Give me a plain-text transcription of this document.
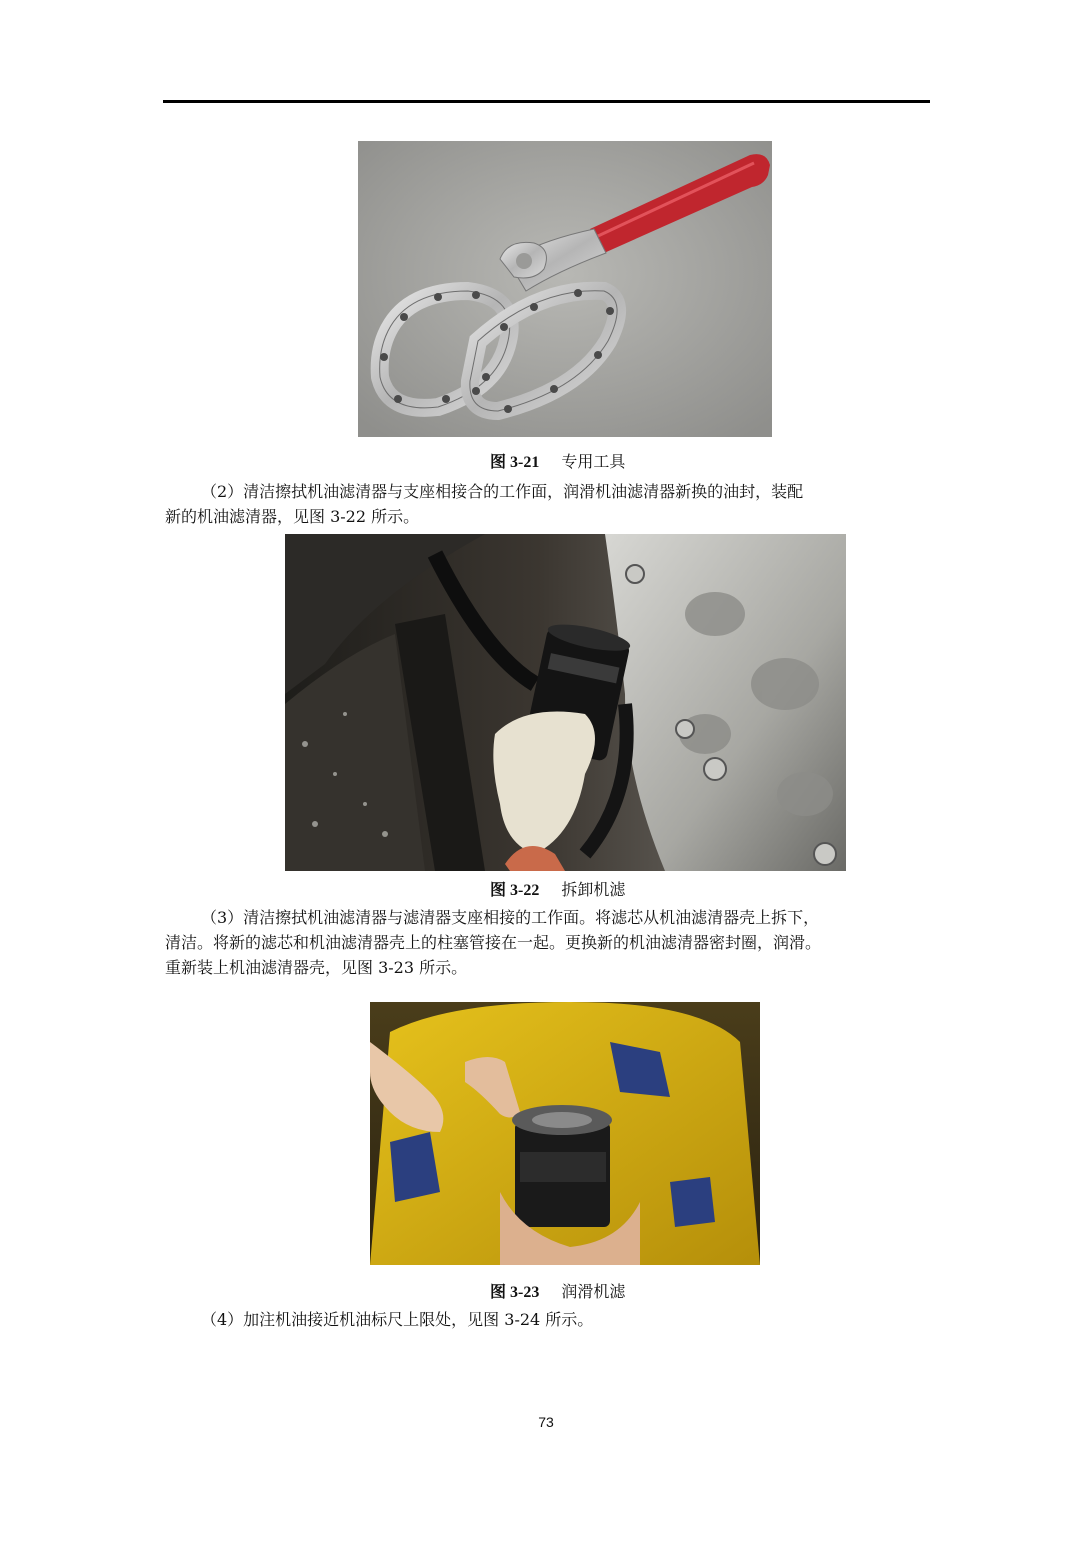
图 3-21 专用工具

（2）清洁擦拭机油滤清器与支座相接合的工作面，润滑机油滤清器新换的油封，装配

新的机油滤清器，见图 3-22 所示。

图 3-22 拆卸机滤

（3）清洁擦拭机油滤清器与滤清器支座相接的工作面。将滤芯从机油滤清器壳上拆下，

清洁。将新的滤芯和机油滤清器壳上的柱塞管接在一起。更换新的机油滤清器密封圈，润滑。

重新装上机油滤清器壳，见图 3-23 所示。

图 3-23 润滑机滤

（4）加注机油接近机油标尺上限处，见图 3-24 所示。

73
